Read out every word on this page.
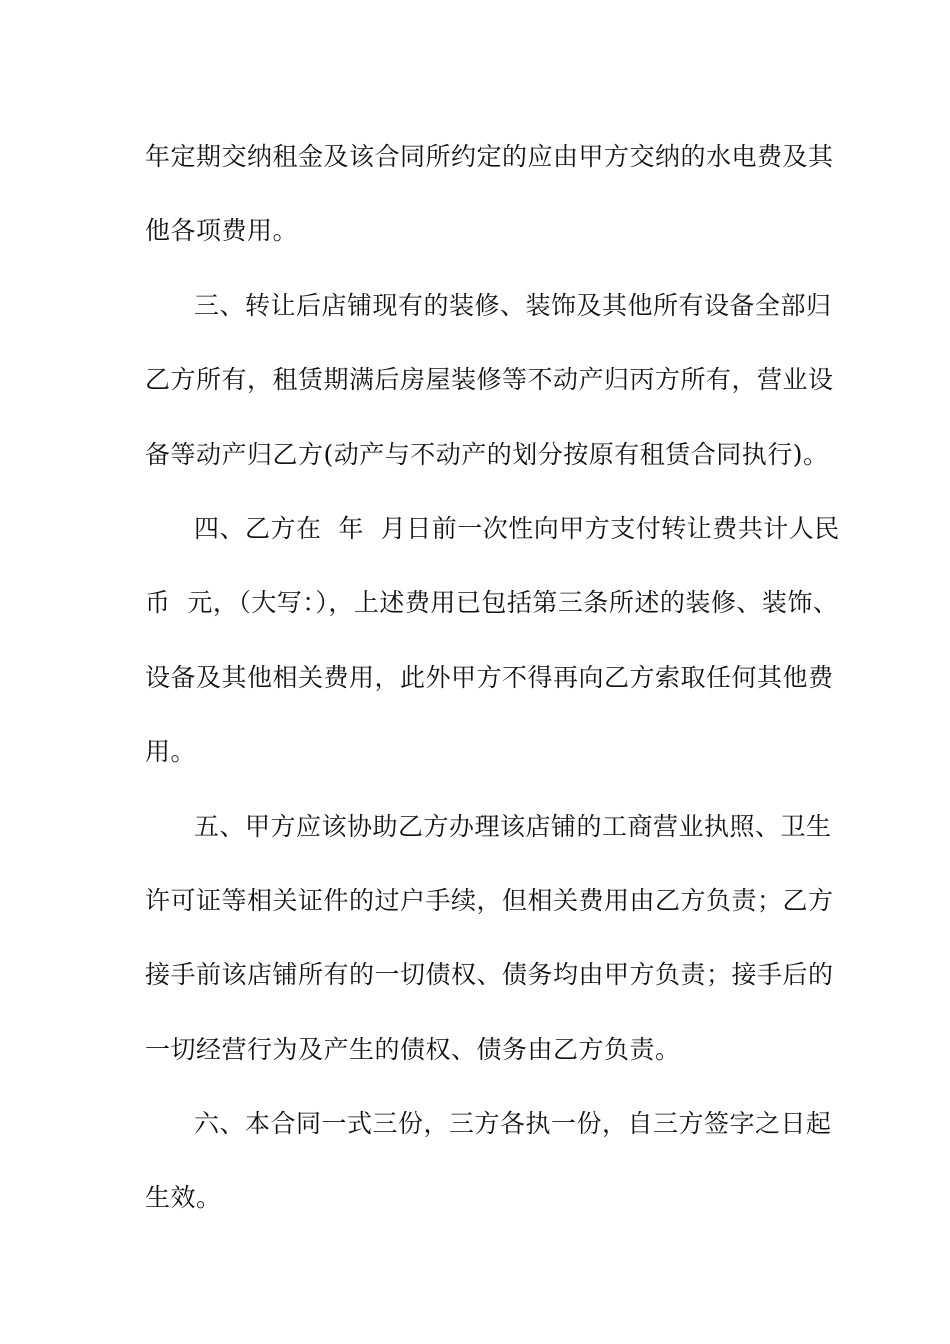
年定期交纳租金及该合同所约定的应由甲方交纳的水电费及其
他各项费用。
三、转让后店铺现有的装修、装饰及其他所有设备全部归
乙方所有，租赁期满后房屋装修等不动产归丙方所有，营业设
备等动产归乙方(动产与不动产的划分按原有租赁合同执行)。
四、乙方在  年  月日前一次性向甲方支付转让费共计人民
币  元，（大写：），上述费用已包括第三条所述的装修、装饰、
设备及其他相关费用，此外甲方不得再向乙方索取任何其他费
用。
五、甲方应该协助乙方办理该店铺的工商营业执照、卫生
许可证等相关证件的过户手续，但相关费用由乙方负责；乙方
接手前该店铺所有的一切债权、债务均由甲方负责；接手后的
一切经营行为及产生的债权、债务由乙方负责。
六、本合同一式三份，三方各执一份，自三方签字之日起
生效。
